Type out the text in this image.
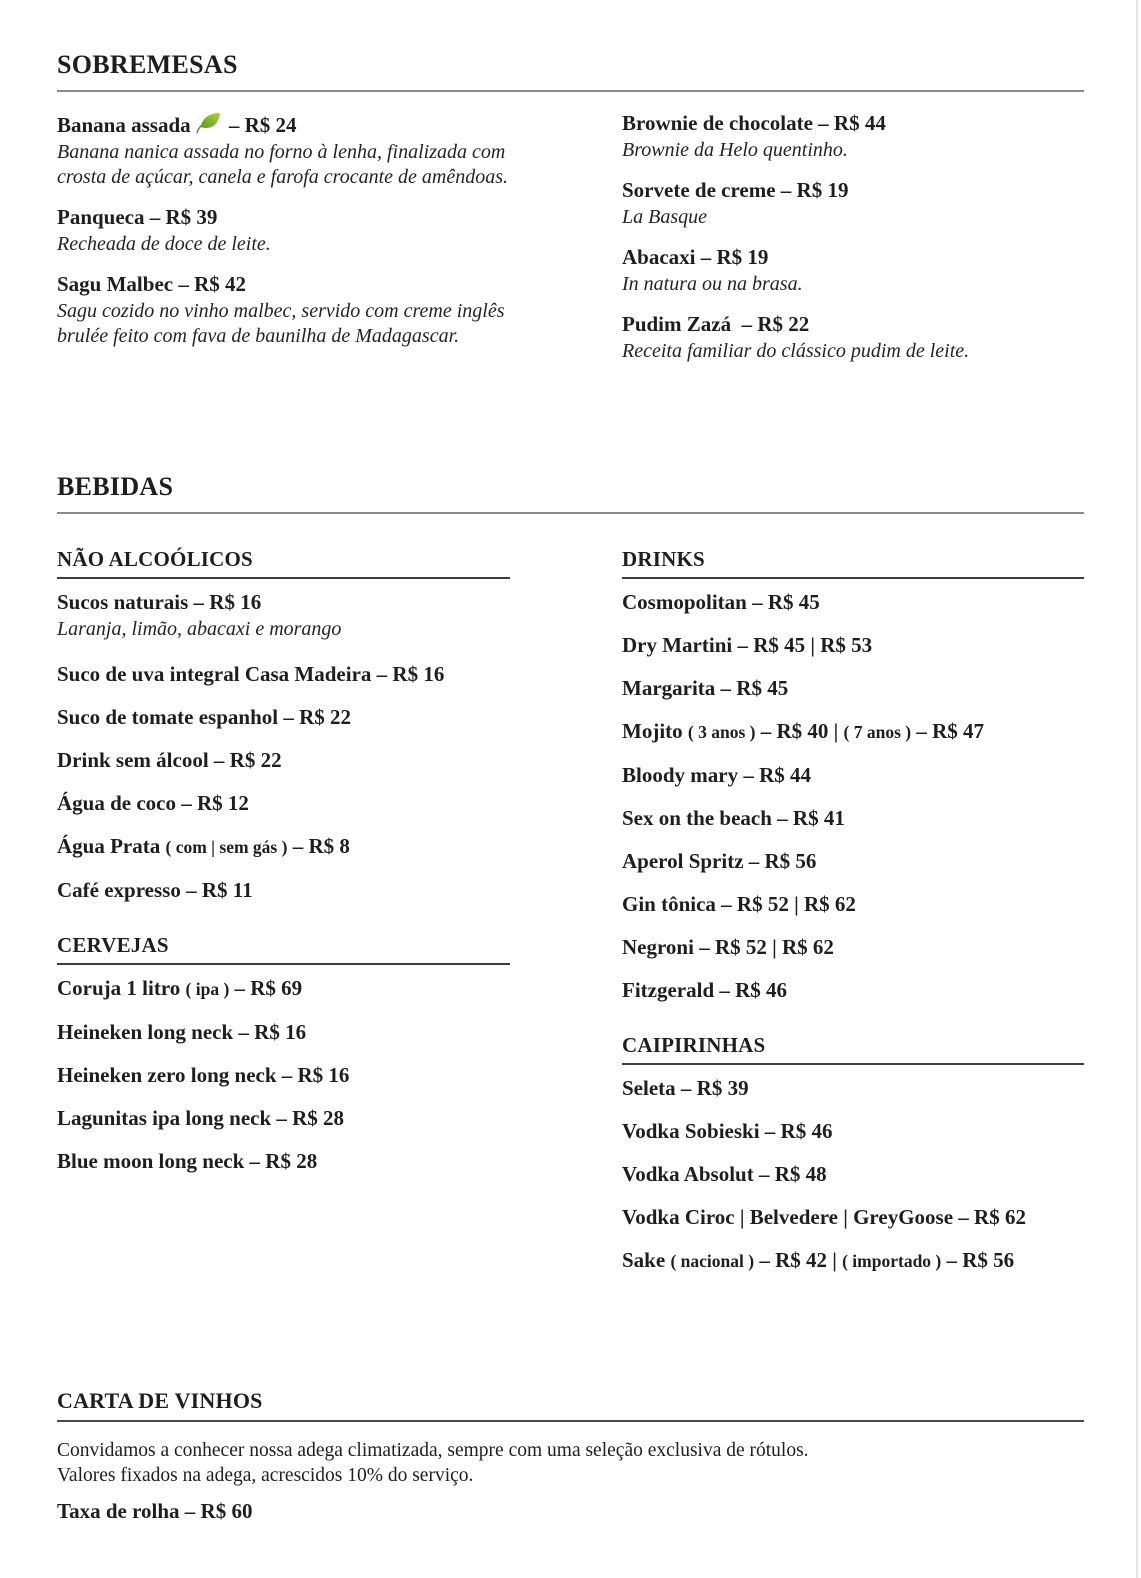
SOBREMESAS
Banana assada – R$ 24
Banana nanica assada no forno à lenha, finalizada com crosta de açúcar, canela e farofa crocante de amêndoas.
Panqueca – R$ 39
Recheada de doce de leite.
Sagu Malbec – R$ 42
Sagu cozido no vinho malbec, servido com creme inglês brulée feito com fava de baunilha de Madagascar.
Brownie de chocolate – R$ 44
Brownie da Helo quentinho.
Sorvete de creme – R$ 19
La Basque
Abacaxi – R$ 19
In natura ou na brasa.
Pudim Zazá  – R$ 22
Receita familiar do clássico pudim de leite.
BEBIDAS
NÃO ALCOÓLICOS
Sucos naturais – R$ 16
Laranja, limão, abacaxi e morango
Suco de uva integral Casa Madeira – R$ 16
Suco de tomate espanhol – R$ 22
Drink sem álcool – R$ 22
Água de coco – R$ 12
Água Prata ( com | sem gás ) – R$ 8
Café expresso – R$ 11
CERVEJAS
Coruja 1 litro ( ipa ) – R$ 69
Heineken long neck – R$ 16
Heineken zero long neck – R$ 16
Lagunitas ipa long neck – R$ 28
Blue moon long neck – R$ 28
DRINKS
Cosmopolitan – R$ 45
Dry Martini – R$ 45 | R$ 53
Margarita – R$ 45
Mojito ( 3 anos ) – R$ 40 | ( 7 anos ) – R$ 47
Bloody mary – R$ 44
Sex on the beach – R$ 41
Aperol Spritz – R$ 56
Gin tônica – R$ 52 | R$ 62
Negroni – R$ 52 | R$ 62
Fitzgerald – R$ 46
CAIPIRINHAS
Seleta – R$ 39
Vodka Sobieski – R$ 46
Vodka Absolut – R$ 48
Vodka Ciroc | Belvedere | GreyGoose – R$ 62
Sake ( nacional ) – R$ 42 | ( importado ) – R$ 56
CARTA DE VINHOS
Convidamos a conhecer nossa adega climatizada, sempre com uma seleção exclusiva de rótulos.
Valores fixados na adega, acrescidos 10% do serviço.
Taxa de rolha – R$ 60
